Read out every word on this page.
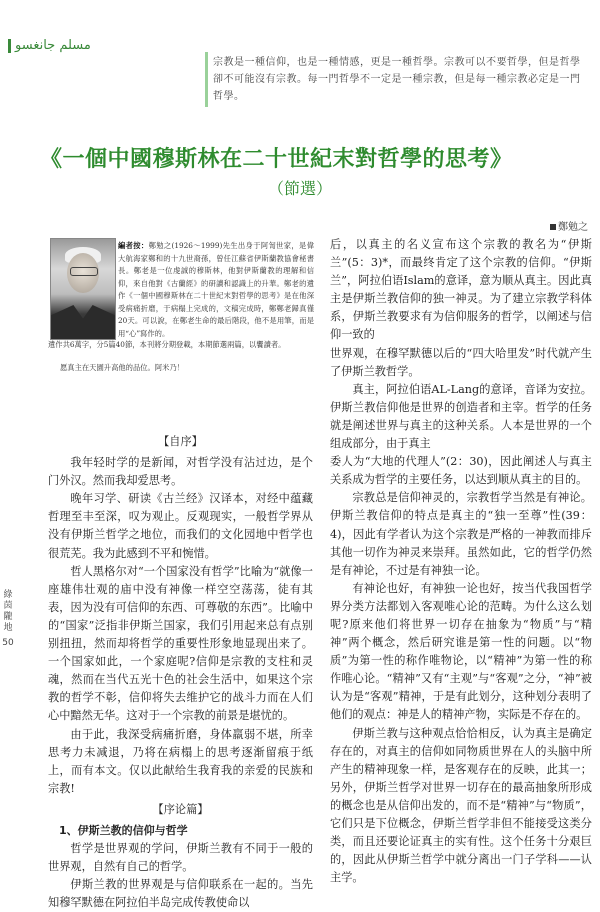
مسلم جانغسو
宗教是一種信仰，也是一種情感，更是一種哲學。宗教可以不要哲學，但是哲學卻不可能沒有宗教。每一門哲學不一定是一種宗教，但是每一種宗教必定是一門哲學。
《一個中國穆斯林在二十世紀末對哲學的思考》
（節選）
鄭勉之
編者按：鄭勉之(1926～1999)先生出身于阿訇世家，是偉大航海家鄭和的十九世裔孫，曾任江蘇省伊斯蘭教協會秘書長。鄭老是一位虔誠的穆斯林，他對伊斯蘭教的理解和信仰，來自他對《古蘭經》的研讀和認識上的升華。鄭老的遺作《一個中國穆斯林在二十世紀末對哲學的思考》是在他深受病痛折磨，于病榻上完成的，文稿完成時，鄭鄭老歸真僅20天。可以說，在鄭老生命的最后階段，他不是用筆，而是用“心”寫作的。
遺作共6萬字，分5篇40節，本刊將分期登載，本期節選兩篇，以饗讀者。
愿真主在天園升高他的品位。阿米乃！
綠茵隴地
50

【自序】

我年轻时学的是新闻，对哲学没有沾过边，是个门外汉。然而我却爱思考。

晚年习学、研读《古兰经》汉译本，对经中蕴藏哲理至丰至深，叹为观止。反观现实，一般哲学界从没有伊斯兰哲学之地位，而我们的文化园地中哲学也很荒芜。我为此感到不平和惋惜。

哲人黑格尔对“一个国家没有哲学”比喻为“就像一座雄伟壮观的庙中没有神像一样空空荡荡，徒有其表，因为没有可信仰的东西、可尊敬的东西”。比喻中的“国家”泛指非伊斯兰国家，我们引用起来总有点别别扭扭，然而却将哲学的重要性形象地显现出来了。一个国家如此，一个家庭呢?信仰是宗教的支柱和灵魂，然而在当代五光十色的社会生活中，如果这个宗教的哲学不彰，信仰将失去维护它的战斗力而在人们心中黯然无华。这对于一个宗教的前景是堪忧的。

由于此，我深受病痛折磨，身体羸弱不堪，所幸思考力未减退，乃将在病榻上的思考逐渐留痕于纸上，而有本文。仅以此献给生我育我的亲爱的民族和宗教!

【序论篇】

1、伊斯兰教的信仰与哲学

哲学是世界观的学问，伊斯兰教有不同于一般的世界观，自然有自己的哲学。

伊斯兰教的世界观是与信仰联系在一起的。当先知穆罕默德在阿拉伯半岛完成传教使命以

后，以真主的名义宣布这个宗教的教名为“伊斯兰”(5：3)*，而最终肯定了这个宗教的信仰。“伊斯兰”，阿拉伯语Islam的意译，意为顺从真主。因此真主是伊斯兰教信仰的独一神灵。为了建立宗教学科体系，伊斯兰教要求有为信仰服务的哲学，以阐述与信仰一致的

世界观，在穆罕默德以后的“四大哈里发”时代就产生了伊斯兰教哲学。

真主，阿拉伯语AL-Lang的意译，音译为安拉。伊斯兰教信仰他是世界的创造者和主宰。哲学的任务就是阐述世界与真主的这种关系。人本是世界的一个组成部分，由于真主

委人为“大地的代理人”(2：30)，因此阐述人与真主关系成为哲学的主要任务，以达到顺从真主的目的。

宗教总是信仰神灵的，宗教哲学当然是有神论。伊斯兰教信仰的特点是真主的“独一至尊”性(39：4)，因此有学者认为这个宗教是严格的一神教而排斥其他一切作为神灵来崇拜。虽然如此，它的哲学仍然是有神论，不过是有神独一论。

有神论也好，有神独一论也好，按当代我国哲学界分类方法都划入客观唯心论的范畴。为什么这么划呢?原来他们将世界一切存在抽象为“物质”与“精神”两个概念，然后研究谁是第一性的问题。以“物质”为第一性的称作唯物论，以“精神”为第一性的称作唯心论。“精神”又有“主观”与“客观”之分，“神”被认为是“客观”精神，于是有此划分，这种划分表明了他们的观点：神是人的精神产物，实际是不存在的。

伊斯兰教与这种观点恰恰相反，认为真主是确定存在的，对真主的信仰如同物质世界在人的头脑中所产生的精神现象一样，是客观存在的反映，此其一；另外，伊斯兰哲学对世界一切存在的最高抽象所形成的概念也是从信仰出发的，而不是“精神”与“物质”，它们只是下位概念，伊斯兰哲学非但不能接受这类分类，而且还要论证真主的实有性。这个任务十分艰巨的，因此从伊斯兰哲学中就分离出一门子学科——认主学。
